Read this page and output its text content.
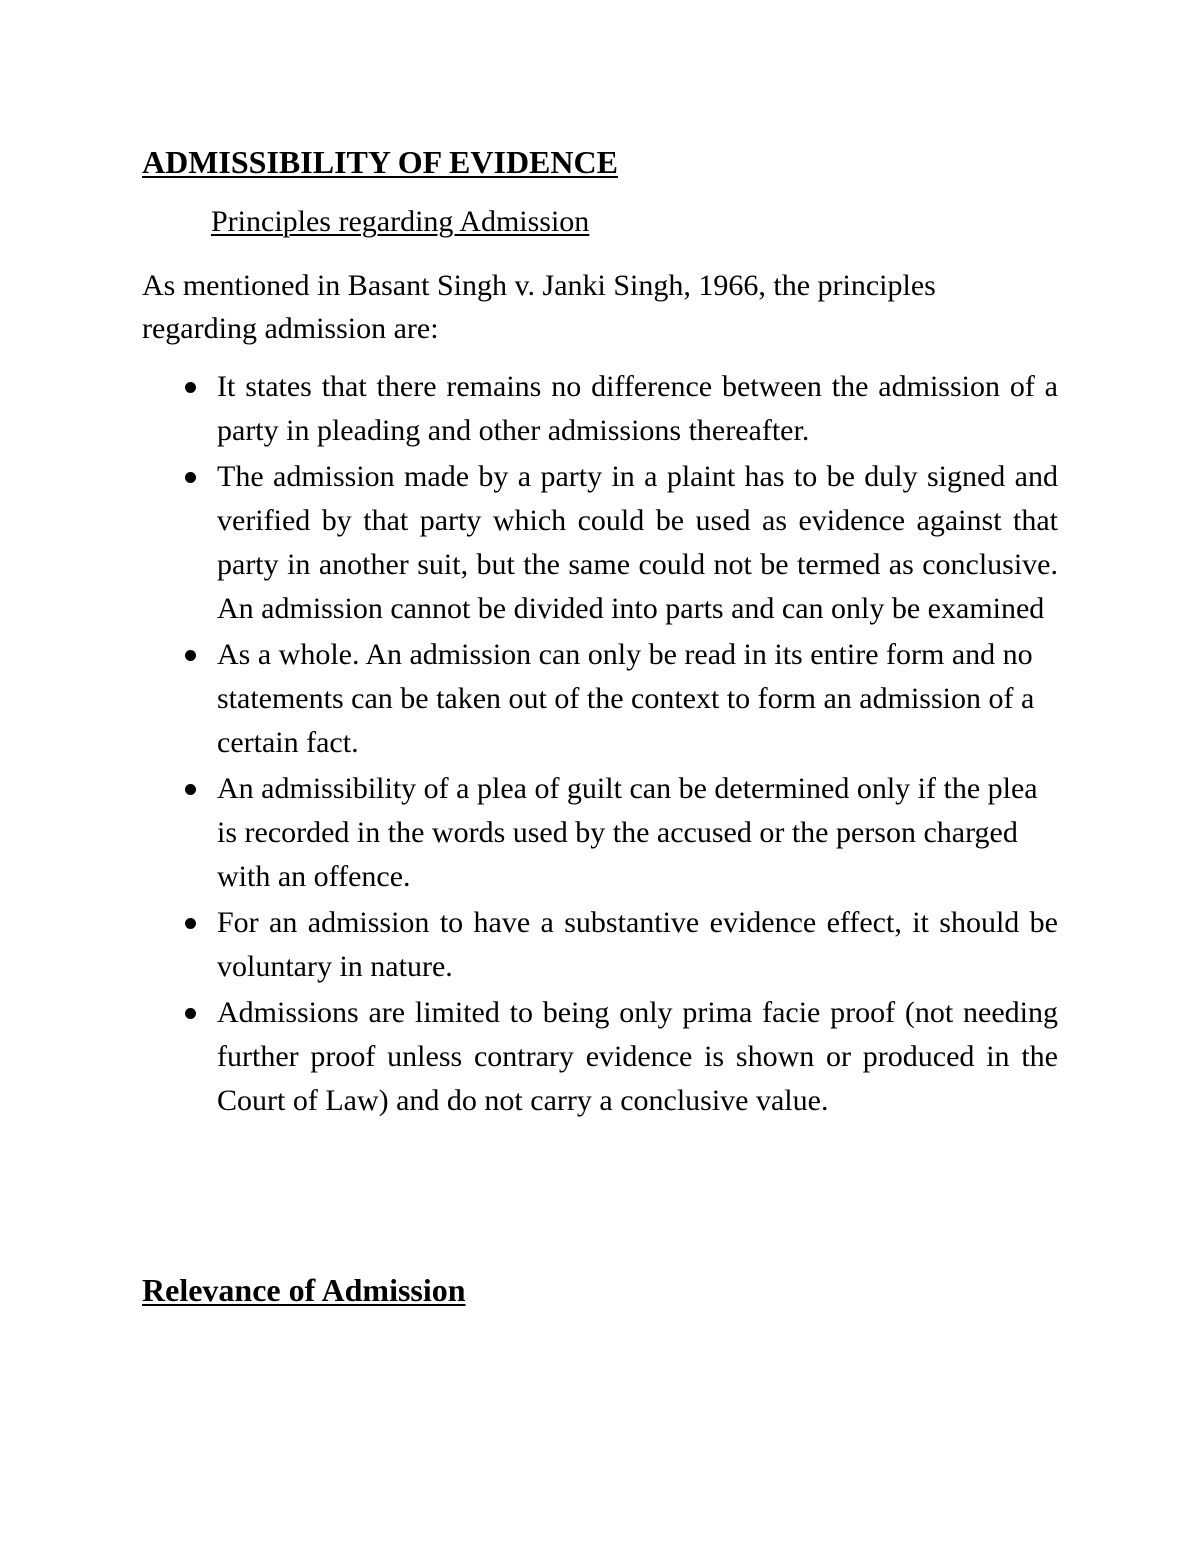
ADMISSIBILITY OF EVIDENCE
Principles regarding Admission

As mentioned in Basant Singh v. Janki Singh, 1966, the principles regarding admission are:

It states that there remains no difference between the admission of a party in pleading and other admissions thereafter.
The admission made by a party in a plaint has to be duly signed and verified by that party which could be used as evidence against that party in another suit, but the same could not be termed as conclusive. An admission cannot be divided into parts and can only be examined
As a whole. An admission can only be read in its entire form and no statements can be taken out of the context to form an admission of a certain fact.
An admissibility of a plea of guilt can be determined only if the plea is recorded in the words used by the accused or the person charged with an offence.
For an admission to have a substantive evidence effect, it should be voluntary in nature.
Admissions are limited to being only prima facie proof (not needing further proof unless contrary evidence is shown or produced in the Court of Law) and do not carry a conclusive value.
Relevance of Admission
